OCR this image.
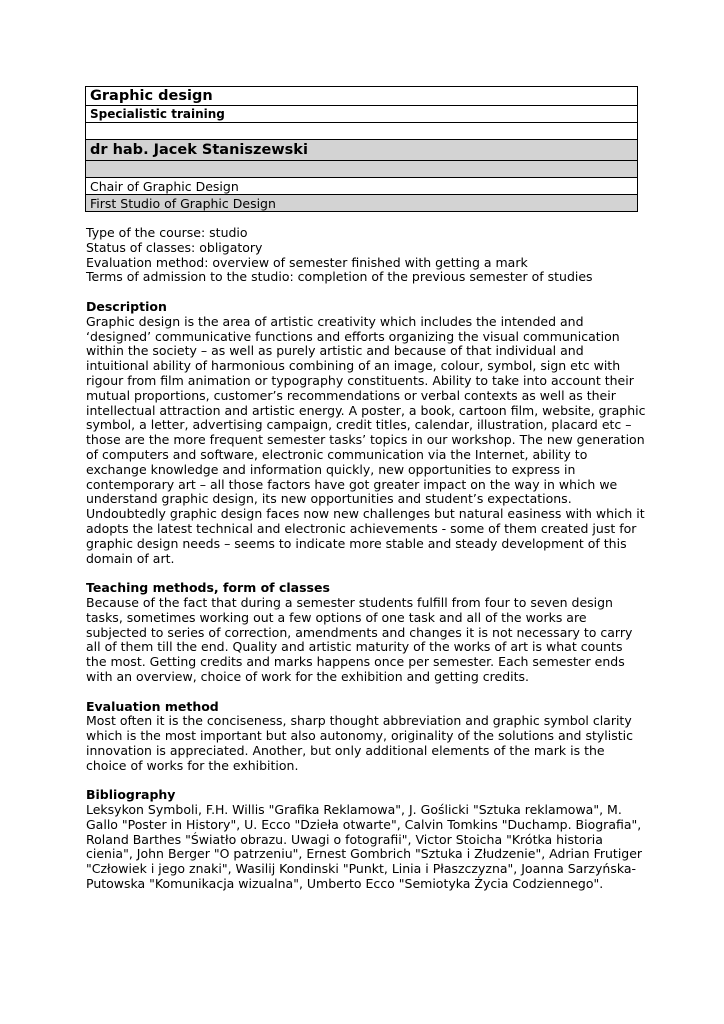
Graphic design
Specialistic training

dr hab. Jacek Staniszewski

Chair of Graphic Design
First Studio of Graphic Design
Type of the course: studio
Status of classes: obligatory
Evaluation method: overview of semester finished with getting a mark
Terms of admission to the studio: completion of the previous semester of studies
Description

Graphic design is the area of artistic creativity which includes the intended and ‘designed’ communicative functions and efforts organizing the visual communication within the society – as well as purely artistic and because of that individual and intuitional ability of harmonious combining of an image, colour, symbol, sign etc with rigour from film animation or typography constituents. Ability to take into account their mutual proportions, customer’s recommendations or verbal contexts as well as their intellectual attraction and artistic energy. A poster, a book, cartoon film, website, graphic symbol, a letter, advertising campaign, credit titles, calendar, illustration, placard etc – those are the more frequent semester tasks’ topics in our workshop. The new generation of computers and software, electronic communication via the Internet, ability to exchange knowledge and information quickly, new opportunities to express in contemporary art – all those factors have got greater impact on the way in which we understand graphic design, its new opportunities and student’s expectations. Undoubtedly graphic design faces now new challenges but natural easiness with which it adopts the latest technical and electronic achievements - some of them created just for graphic design needs – seems to indicate more stable and steady development of this domain of art.

Teaching methods, form of classes

Because of the fact that during a semester students fulfill from four to seven design tasks, sometimes working out a few options of one task and all of the works are subjected to series of correction, amendments and changes it is not necessary to carry all of them till the end. Quality and artistic maturity of the works of art is what counts the most. Getting credits and marks happens once per semester. Each semester ends with an overview, choice of work for the exhibition and getting credits.

Evaluation method

Most often it is the conciseness, sharp thought abbreviation and graphic symbol clarity which is the most important but also autonomy, originality of the solutions and stylistic innovation is appreciated. Another, but only additional elements of the mark is the choice of works for the exhibition.

Bibliography

Leksykon Symboli, F.H. Willis "Grafika Reklamowa", J. Goślicki "Sztuka reklamowa", M. Gallo "Poster in History", U. Ecco "Dzieła otwarte", Calvin Tomkins "Duchamp. Biografia", Roland Barthes "Światło obrazu. Uwagi o fotografii", Victor Stoicha "Krótka historia cienia", John Berger "O patrzeniu", Ernest Gombrich "Sztuka i Złudzenie", Adrian Frutiger "Człowiek i jego znaki", Wasilij Kondinski "Punkt, Linia i Płaszczyzna", Joanna Sarzyńska-Putowska "Komunikacja wizualna", Umberto Ecco "Semiotyka Życia Codziennego".
